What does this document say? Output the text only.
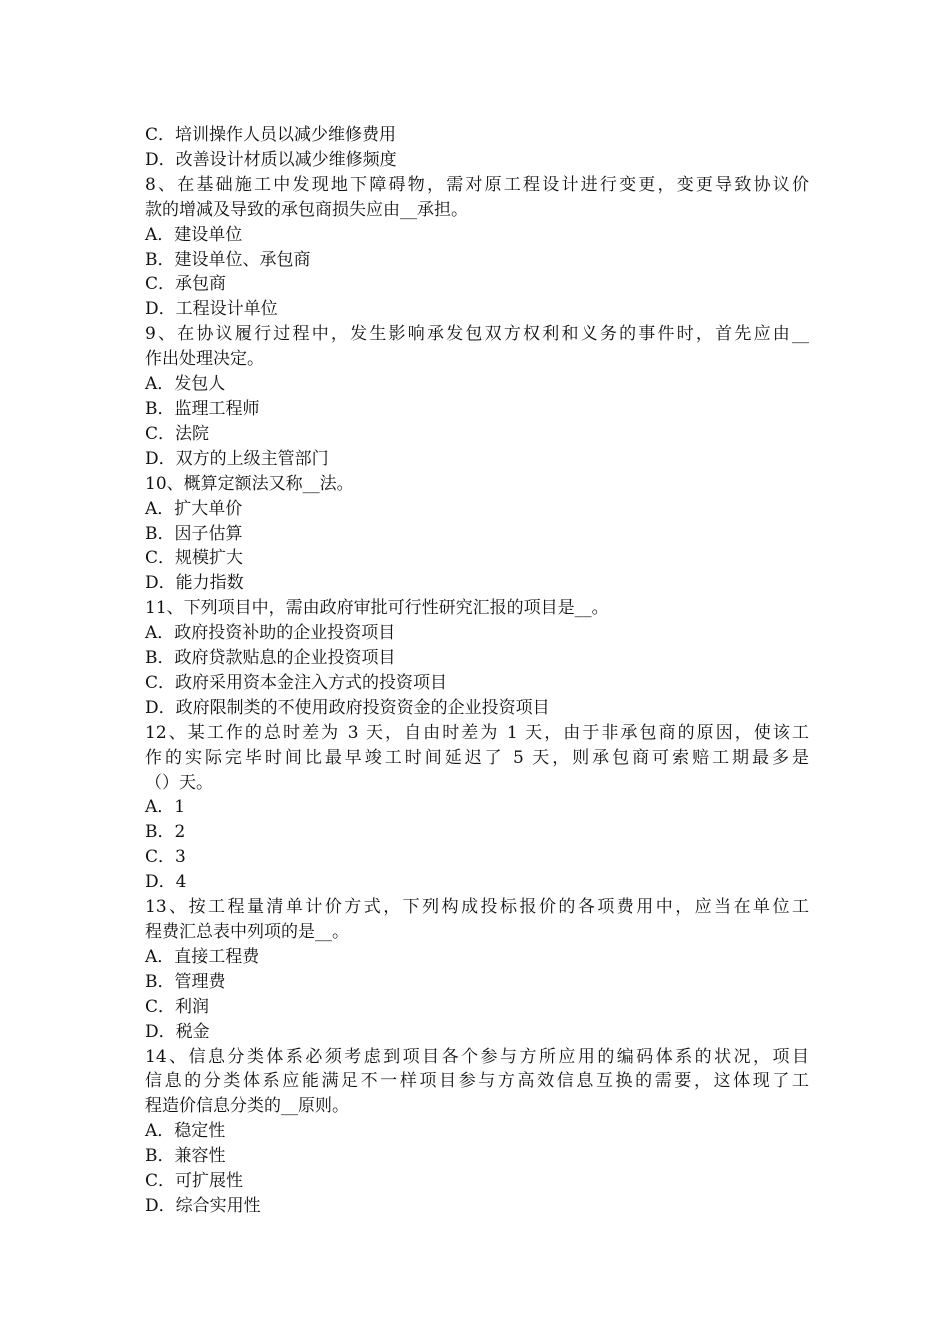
C．培训操作人员以减少维修费用
D．改善设计材质以减少维修频度
8、在基础施工中发现地下障碍物，需对原工程设计进行变更，变更导致协议价
款的增减及导致的承包商损失应由__承担。
A．建设单位
B．建设单位、承包商
C．承包商
D．工程设计单位
9、在协议履行过程中，发生影响承发包双方权利和义务的事件时，首先应由__
作出处理决定。
A．发包人
B．监理工程师
C．法院
D．双方的上级主管部门
10、概算定额法又称__法。
A．扩大单价
B．因子估算
C．规模扩大
D．能力指数
11、下列项目中，需由政府审批可行性研究汇报的项目是__。
A．政府投资补助的企业投资项目
B．政府贷款贴息的企业投资项目
C．政府采用资本金注入方式的投资项目
D．政府限制类的不使用政府投资资金的企业投资项目
12、某工作的总时差为 3 天，自由时差为 1 天，由于非承包商的原因，使该工
作的实际完毕时间比最早竣工时间延迟了 5 天，则承包商可索赔工期最多是
（）天。
A．1
B．2
C．3
D．4
13、按工程量清单计价方式，下列构成投标报价的各项费用中，应当在单位工
程费汇总表中列项的是__。
A．直接工程费
B．管理费
C．利润
D．税金
14、信息分类体系必须考虑到项目各个参与方所应用的编码体系的状况，项目
信息的分类体系应能满足不一样项目参与方高效信息互换的需要，这体现了工
程造价信息分类的__原则。
A．稳定性
B．兼容性
C．可扩展性
D．综合实用性
